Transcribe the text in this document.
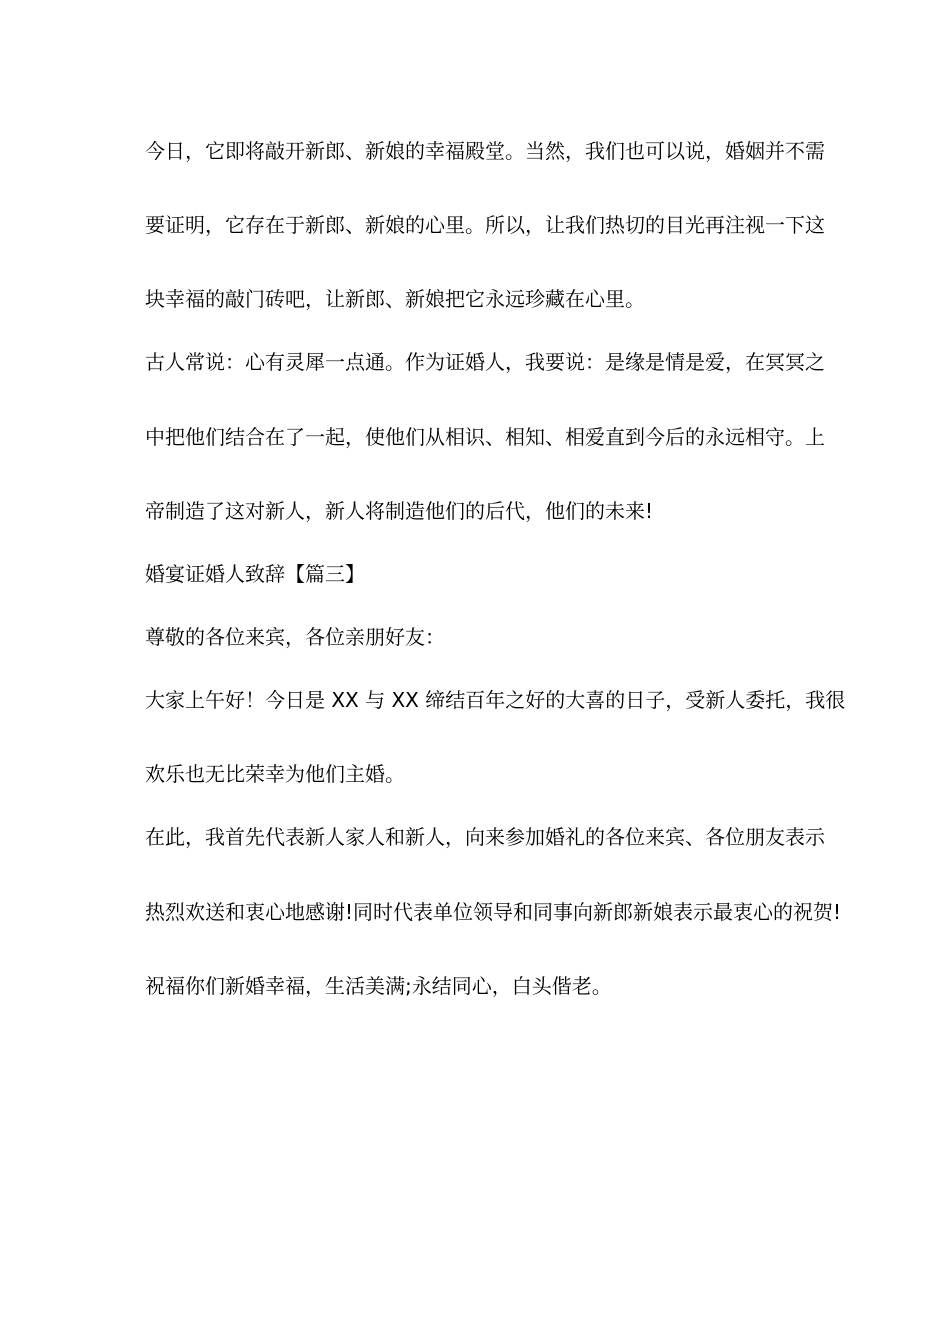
今日，它即将敲开新郎、新娘的幸福殿堂。当然，我们也可以说，婚姻并不需
要证明，它存在于新郎、新娘的心里。所以，让我们热切的目光再注视一下这
块幸福的敲门砖吧，让新郎、新娘把它永远珍藏在心里。
古人常说：心有灵犀一点通。作为证婚人，我要说：是缘是情是爱，在冥冥之
中把他们结合在了一起，使他们从相识、相知、相爱直到今后的永远相守。上
帝制造了这对新人，新人将制造他们的后代，他们的未来!
婚宴证婚人致辞【篇三】
尊敬的各位来宾，各位亲朋好友：
大家上午好！今日是 XX 与 XX 缔结百年之好的大喜的日子，受新人委托，我很
欢乐也无比荣幸为他们主婚。
在此，我首先代表新人家人和新人，向来参加婚礼的各位来宾、各位朋友表示
热烈欢送和衷心地感谢!同时代表单位领导和同事向新郎新娘表示最衷心的祝贺!
祝福你们新婚幸福，生活美满;永结同心，白头偕老。
